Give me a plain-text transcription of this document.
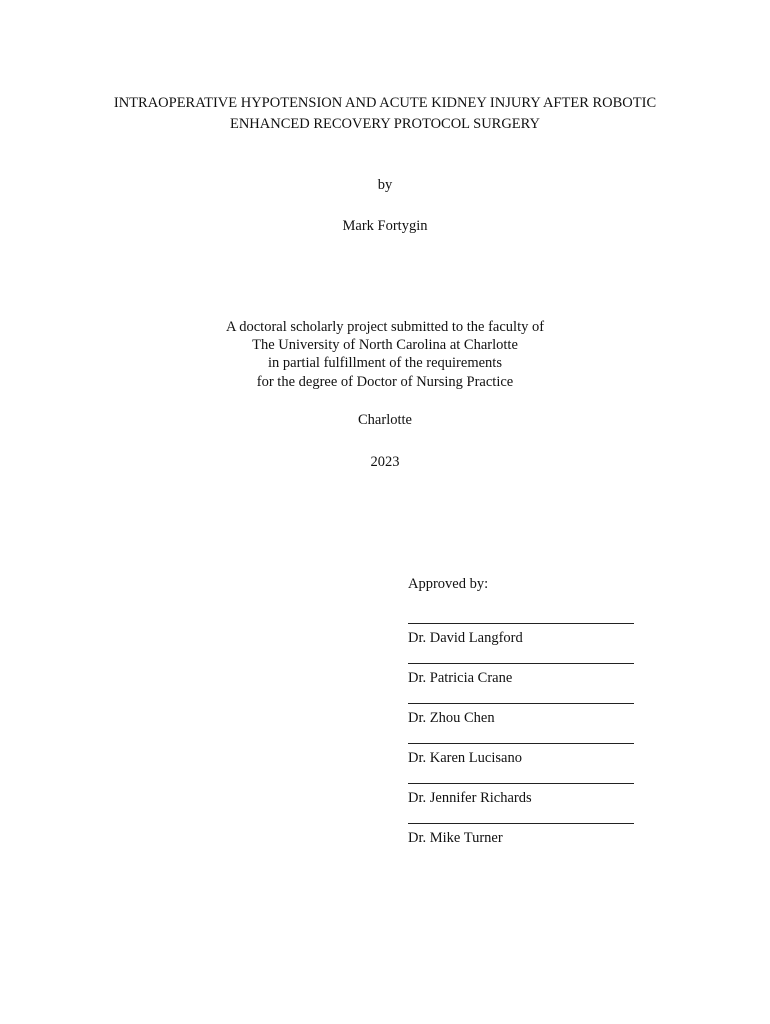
INTRAOPERATIVE HYPOTENSION AND ACUTE KIDNEY INJURY AFTER ROBOTIC
ENHANCED RECOVERY PROTOCOL SURGERY
by
Mark Fortygin
A doctoral scholarly project submitted to the faculty of
The University of North Carolina at Charlotte
in partial fulfillment of the requirements
for the degree of Doctor of Nursing Practice
Charlotte
2023
Approved by:
Dr. David Langford
Dr. Patricia Crane
Dr. Zhou Chen
Dr. Karen Lucisano
Dr. Jennifer Richards
Dr. Mike Turner
